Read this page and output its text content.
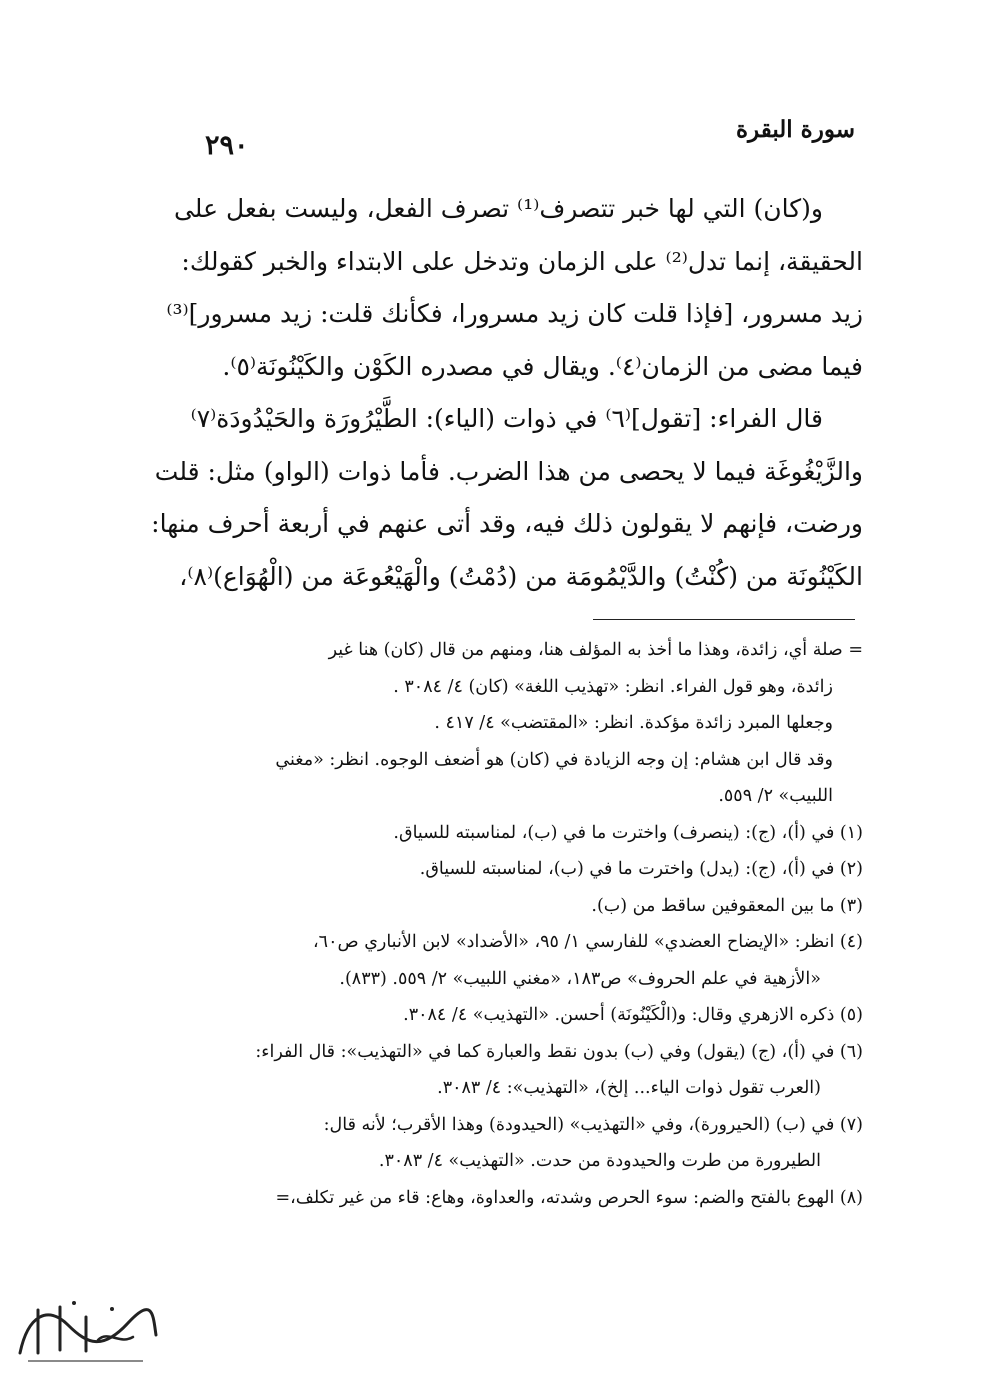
٢٩٠
سورة البقرة
و(كان) التي لها خبر تتصرف⁽¹⁾ تصرف الفعل، وليست بفعل على
الحقيقة، إنما تدل⁽²⁾ على الزمان وتدخل على الابتداء والخبر كقولك:
زيد مسرور، [فإذا قلت كان زيد مسرورا، فكأنك قلت: زيد مسرور]⁽³⁾
فيما مضى من الزمان⁽٤⁾. ويقال في مصدره الكَوْن والكَيْنُونَة⁽٥⁾.
قال الفراء: [تقول]⁽٦⁾ في ذوات (الياء): الطَّيْرُورَة والحَيْدُودَة⁽٧⁾
والزَّيْغُوغَة فيما لا يحصى من هذا الضرب. فأما ذوات (الواو) مثل: قلت
ورضت، فإنهم لا يقولون ذلك فيه، وقد أتى عنهم في أربعة أحرف منها:
الكَيْنُونَة من (كُنْتُ) والدَّيْمُومَة من (دُمْتُ) والْهَيْعُوعَة من (الْهُوَاع)⁽٨⁾،
= صلة أي، زائدة، وهذا ما أخذ به المؤلف هنا، ومنهم من قال (كان) هنا غير
زائدة، وهو قول الفراء. انظر: «تهذيب اللغة» (كان) ٤/ ٣٠٨٤ .
وجعلها المبرد زائدة مؤكدة. انظر: «المقتضب» ٤/ ٤١٧ .
وقد قال ابن هشام: إن وجه الزيادة في (كان) هو أضعف الوجوه. انظر: «مغني
اللبيب» ٢/ ٥٥٩.
(١) في (أ)، (ج): (ينصرف) واخترت ما في (ب)، لمناسبته للسياق.
(٢) في (أ)، (ج): (يدل) واخترت ما في (ب)، لمناسبته للسياق.
(٣) ما بين المعقوفين ساقط من (ب).
(٤) انظر: «الإيضاح العضدي» للفارسي ١/ ٩٥، «الأضداد» لابن الأنباري ص٦٠،
«الأزهية في علم الحروف» ص١٨٣، «مغني اللبيب» ٢/ ٥٥٩. (٨٣٣).
(٥) ذكره الازهري وقال: و(الْكَيْنُونَة) أحسن. «التهذيب» ٤/ ٣٠٨٤.
(٦) في (أ)، (ج) (يقول) وفي (ب) بدون نقط والعبارة كما في «التهذيب»: قال الفراء:
(العرب تقول ذوات الياء... إلخ)، «التهذيب»: ٤/ ٣٠٨٣.
(٧) في (ب) (الحيرورة)، وفي «التهذيب» (الحيدودة) وهذا الأقرب؛ لأنه قال:
الطيرورة من طرت والحيدودة من حدت. «التهذيب» ٤/ ٣٠٨٣.
(٨) الهوع بالفتح والضم: سوء الحرص وشدته، والعداوة، وهاع: قاء من غير تكلف،=
